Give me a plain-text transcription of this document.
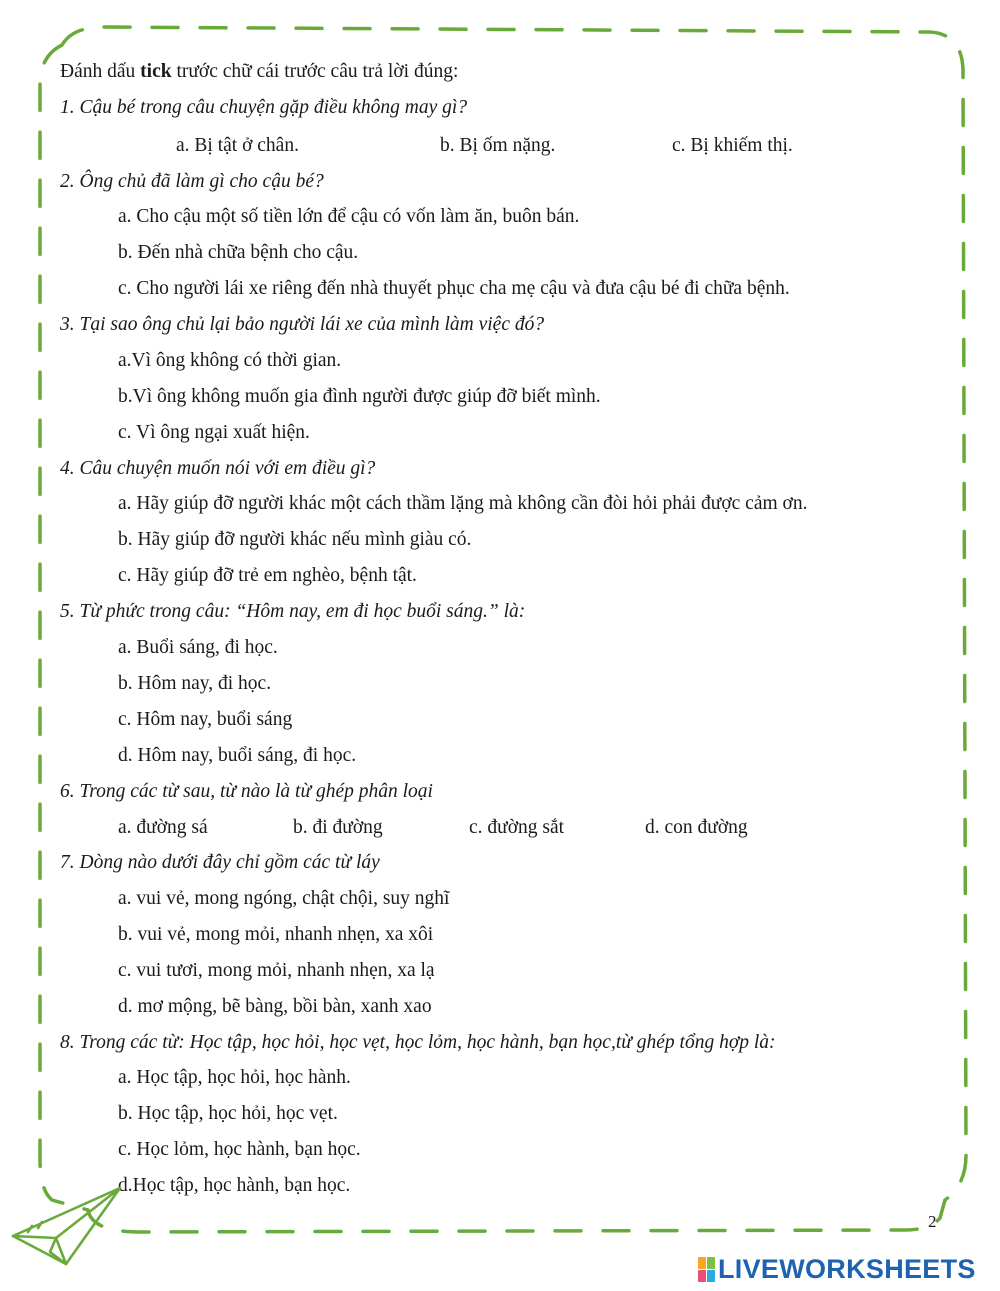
Đánh dấu tick trước chữ cái trước câu trả lời đúng:
1. Cậu bé trong câu chuyện gặp điều không may gì?
a. Bị tật ở chân.	b. Bị ốm nặng.	c. Bị khiếm thị.
2. Ông chủ đã làm gì cho cậu bé?
a. Cho cậu một số tiền lớn để cậu có vốn làm ăn, buôn bán.
b. Đến nhà chữa bệnh cho cậu.
c. Cho người lái xe riêng đến nhà thuyết phục cha mẹ cậu và đưa cậu bé đi chữa bệnh.
3. Tại sao ông chủ lại bảo người lái xe của mình làm việc đó?
a.Vì ông không có thời gian.
b.Vì ông không muốn gia đình người được giúp đỡ biết mình.
c. Vì ông ngại xuất hiện.
4. Câu chuyện muốn nói với em điều gì?
a. Hãy giúp đỡ người khác một cách thầm lặng mà không cần đòi hỏi phải được cảm ơn.
b. Hãy giúp đỡ người khác nếu mình giàu có.
c. Hãy giúp đỡ trẻ em nghèo, bệnh tật.
5. Từ phức trong câu: “Hôm nay, em đi học buổi sáng.” là:
a. Buổi sáng, đi học.
b. Hôm nay, đi học.
c. Hôm nay, buổi sáng
d. Hôm nay, buổi sáng, đi học.
6. Trong các từ sau, từ nào là từ ghép phân loại
a. đường sá	b. đi đường	c. đường sắt	d. con đường
7. Dòng nào dưới đây chỉ gồm các từ láy
a. vui vẻ, mong ngóng, chật chội, suy nghĩ
b. vui vẻ, mong mỏi, nhanh nhẹn, xa xôi
c. vui tươi, mong mỏi, nhanh nhẹn, xa lạ
d. mơ mộng, bẽ bàng, bồi bàn, xanh xao
8. Trong các từ: Học tập, học hỏi, học vẹt, học lỏm, học hành, bạn học,từ ghép tổng hợp là:
a. Học tập, học hỏi, học hành.
b. Học tập, học hỏi, học vẹt.
c. Học lỏm, học hành, bạn học.
d.Học tập, học hành, bạn học.
2
LIVEWORKSHEETS
